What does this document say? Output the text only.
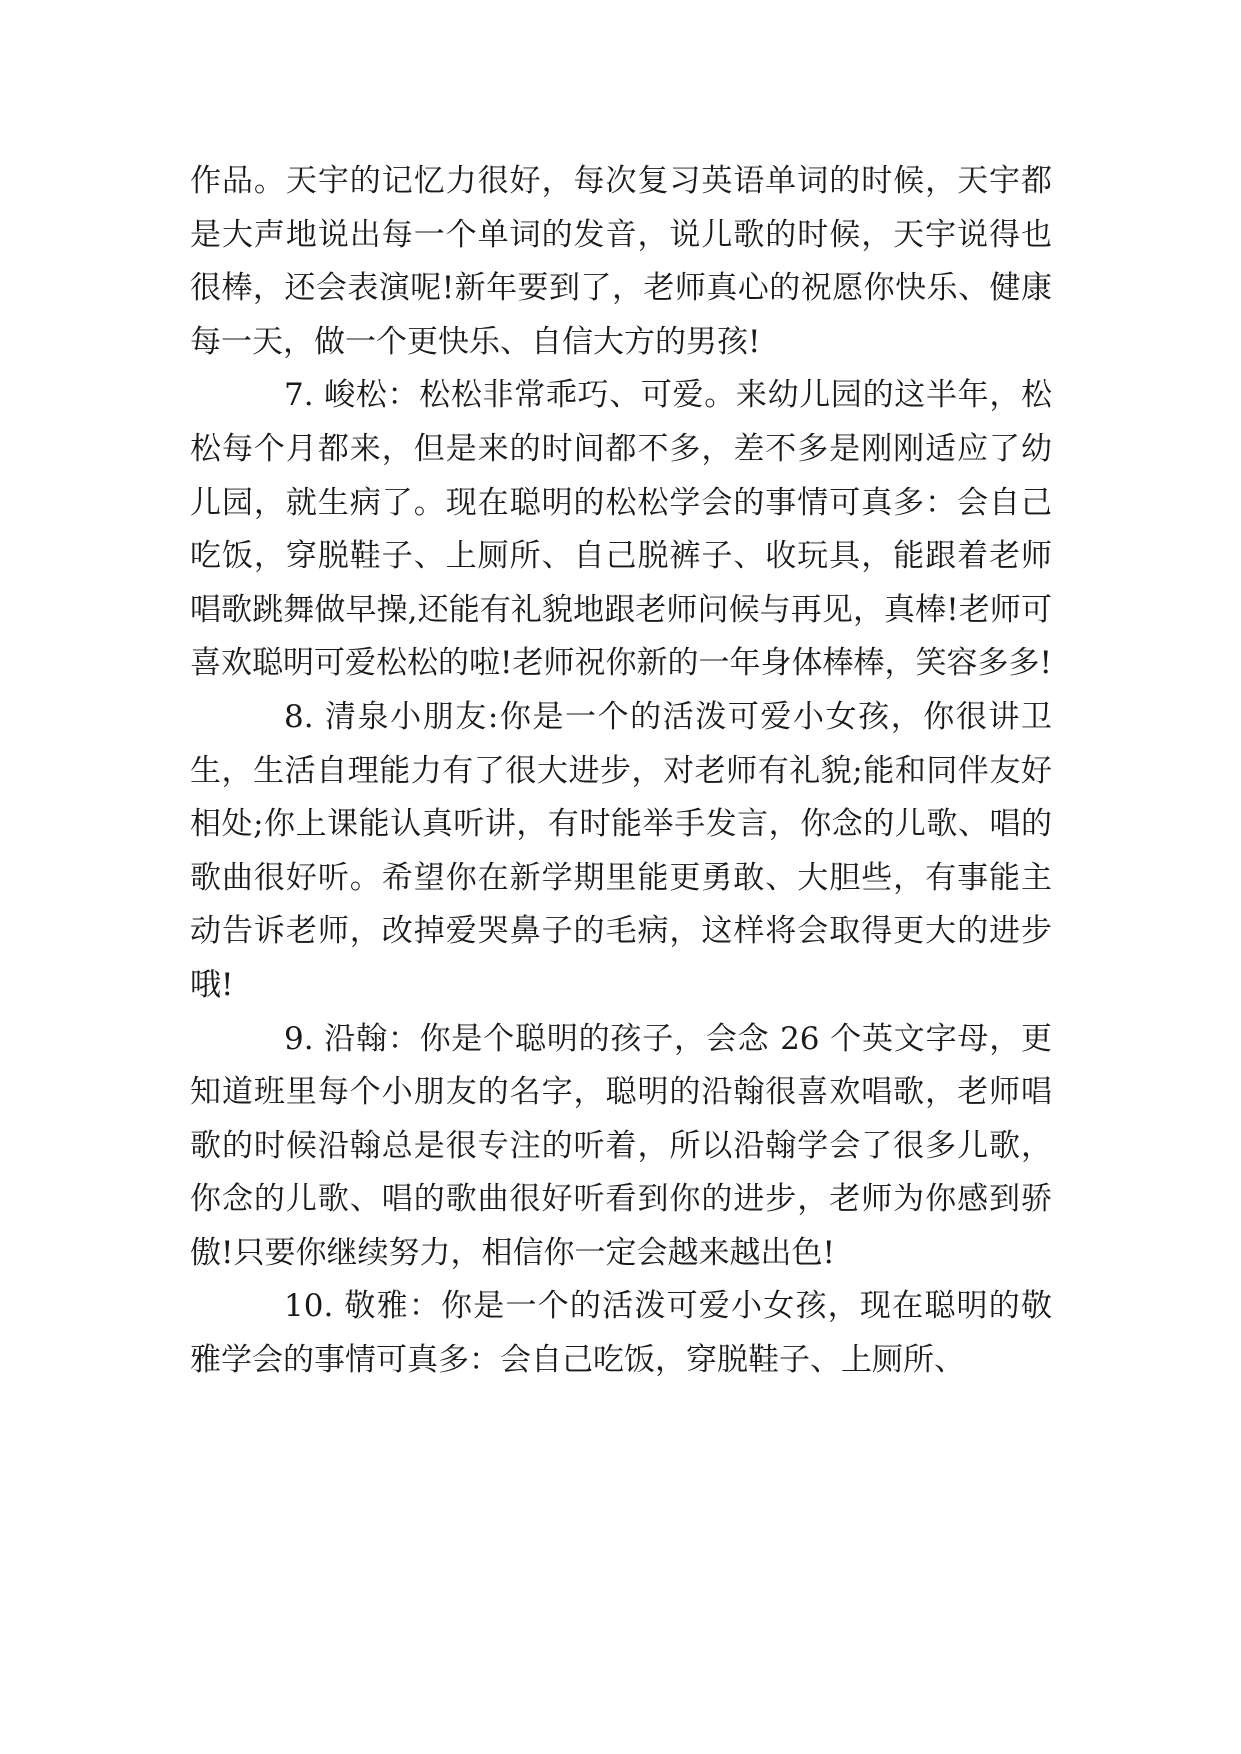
作品。天宇的记忆力很好，每次复习英语单词的时候，天宇都是大声地说出每一个单词的发音，说儿歌的时候，天宇说得也很棒，还会表演呢!新年要到了，老师真心的祝愿你快乐、健康每一天，做一个更快乐、自信大方的男孩!

7. 峻松：松松非常乖巧、可爱。来幼儿园的这半年，松松每个月都来，但是来的时间都不多，差不多是刚刚适应了幼儿园，就生病了。现在聪明的松松学会的事情可真多：会自己吃饭，穿脱鞋子、上厕所、自己脱裤子、收玩具，能跟着老师唱歌跳舞做早操,还能有礼貌地跟老师问候与再见，真棒!老师可喜欢聪明可爱松松的啦!老师祝你新的一年身体棒棒，笑容多多!

8. 清泉小朋友:你是一个的活泼可爱小女孩，你很讲卫生，生活自理能力有了很大进步，对老师有礼貌;能和同伴友好相处;你上课能认真听讲，有时能举手发言，你念的儿歌、唱的歌曲很好听。希望你在新学期里能更勇敢、大胆些，有事能主动告诉老师，改掉爱哭鼻子的毛病，这样将会取得更大的进步哦!

9. 沿翰：你是个聪明的孩子，会念 26 个英文字母，更知道班里每个小朋友的名字，聪明的沿翰很喜欢唱歌，老师唱歌的时候沿翰总是很专注的听着，所以沿翰学会了很多儿歌，你念的儿歌、唱的歌曲很好听看到你的进步，老师为你感到骄傲!只要你继续努力，相信你一定会越来越出色!

10. 敬雅：你是一个的活泼可爱小女孩，现在聪明的敬雅学会的事情可真多：会自己吃饭，穿脱鞋子、上厕所、
